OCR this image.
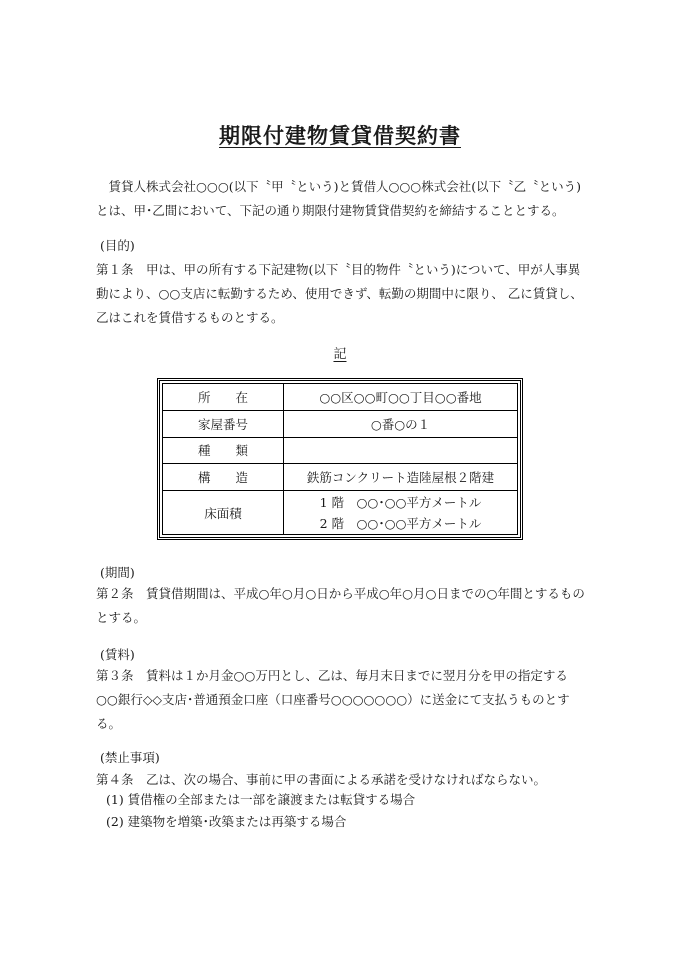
期限付建物賃貸借契約書

賃貸人株式会社○○○(以下〝甲〝という)と賃借人○○○株式会社(以下〝乙〝という)とは、甲･乙間において、下記の通り期限付建物賃貸借契約を締結することとする。

(目的)

第１条　甲は、甲の所有する下記建物(以下〝目的物件〝という)について、甲が人事異動により、○○支店に転勤するため、使用できず、転勤の期間中に限り、 乙に賃貸し、乙はこれを賃借するものとする。

記
所　　在	○○区○○町○○丁目○○番地
家屋番号	○番○の１
種　　類	
構　　造	鉄筋コンクリート造陸屋根２階建
床面積	1 階　○○･○○平方メートル
2 階　○○･○○平方メートル
(期間)

第２条　賃貸借期間は、平成○年○月○日から平成○年○月○日までの○年間とするものとする。

(賃料)

第３条　賃料は１か月金○○万円とし、乙は、毎月末日までに翌月分を甲の指定する○○銀行◇◇支店･普通預金口座（口座番号○○○○○○○）に送金にて支払うものとする。

(禁止事項)

第４条　乙は、次の場合、事前に甲の書面による承諾を受けなければならない。

(1) 賃借権の全部または一部を譲渡または転貸する場合
(2) 建築物を増築･改築または再築する場合
